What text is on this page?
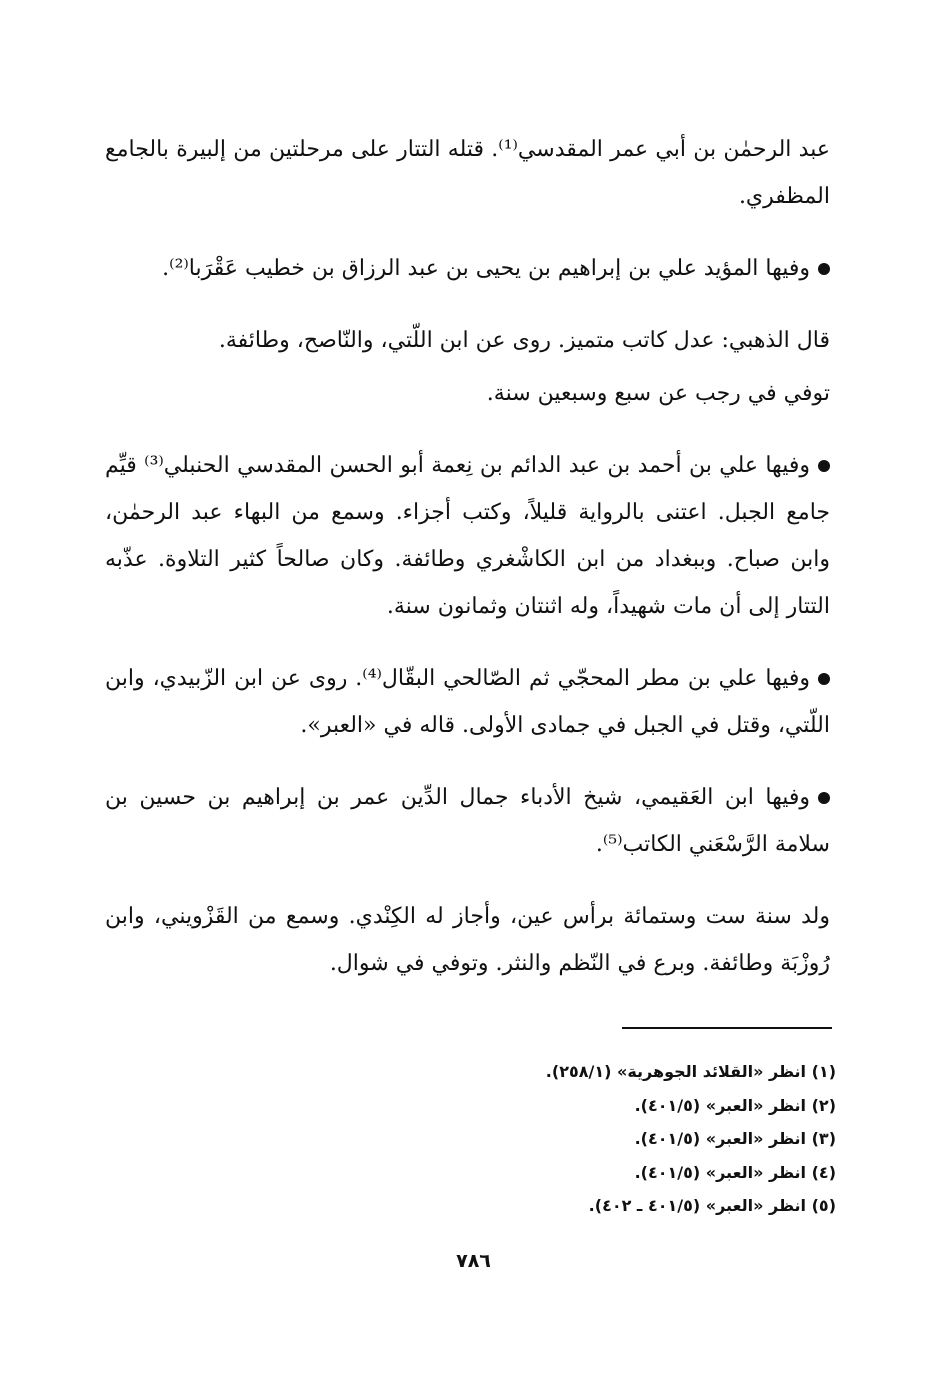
عبد الرحمٰن بن أبي عمر المقدسي⁽¹⁾. قتله التتار على مرحلتين من إلبيرة بالجامع المظفري.

وفيها المؤيد علي بن إبراهيم بن يحيى بن عبد الرزاق بن خطيب عَقْرَبا⁽²⁾.

قال الذهبي: عدل كاتب متميز. روى عن ابن اللّتي، والنّاصح، وطائفة.

توفي في رجب عن سبع وسبعين سنة.

وفيها علي بن أحمد بن عبد الدائم بن نِعمة أبو الحسن المقدسي الحنبلي⁽³⁾ قيِّم جامع الجبل. اعتنى بالرواية قليلاً، وكتب أجزاء. وسمع من البهاء عبد الرحمٰن، وابن صباح. وببغداد من ابن الكاشْغري وطائفة. وكان صالحاً كثير التلاوة. عذّبه التتار إلى أن مات شهيداً، وله اثنتان وثمانون سنة.

وفيها علي بن مطر المحجّي ثم الصّالحي البقّال⁽⁴⁾. روى عن ابن الزّبيدي، وابن اللّتي، وقتل في الجبل في جمادى الأولى. قاله في «العبر».

وفيها ابن العَقيمي، شيخ الأدباء جمال الدِّين عمر بن إبراهيم بن حسين بن سلامة الرَّسْعَني الكاتب⁽⁵⁾.

ولد سنة ست وستمائة برأس عين، وأجاز له الكِنْدي. وسمع من القَزْويني، وابن رُوزْبَة وطائفة. وبرع في النّظم والنثر. وتوفي في شوال.

(١) انظر «القلائد الجوهرية» (٢٥٨/١).
(٢) انظر «العبر» (٤٠١/٥).
(٣) انظر «العبر» (٤٠١/٥).
(٤) انظر «العبر» (٤٠١/٥).
(٥) انظر «العبر» (٤٠١/٥ ـ ٤٠٢).
٧٨٦
